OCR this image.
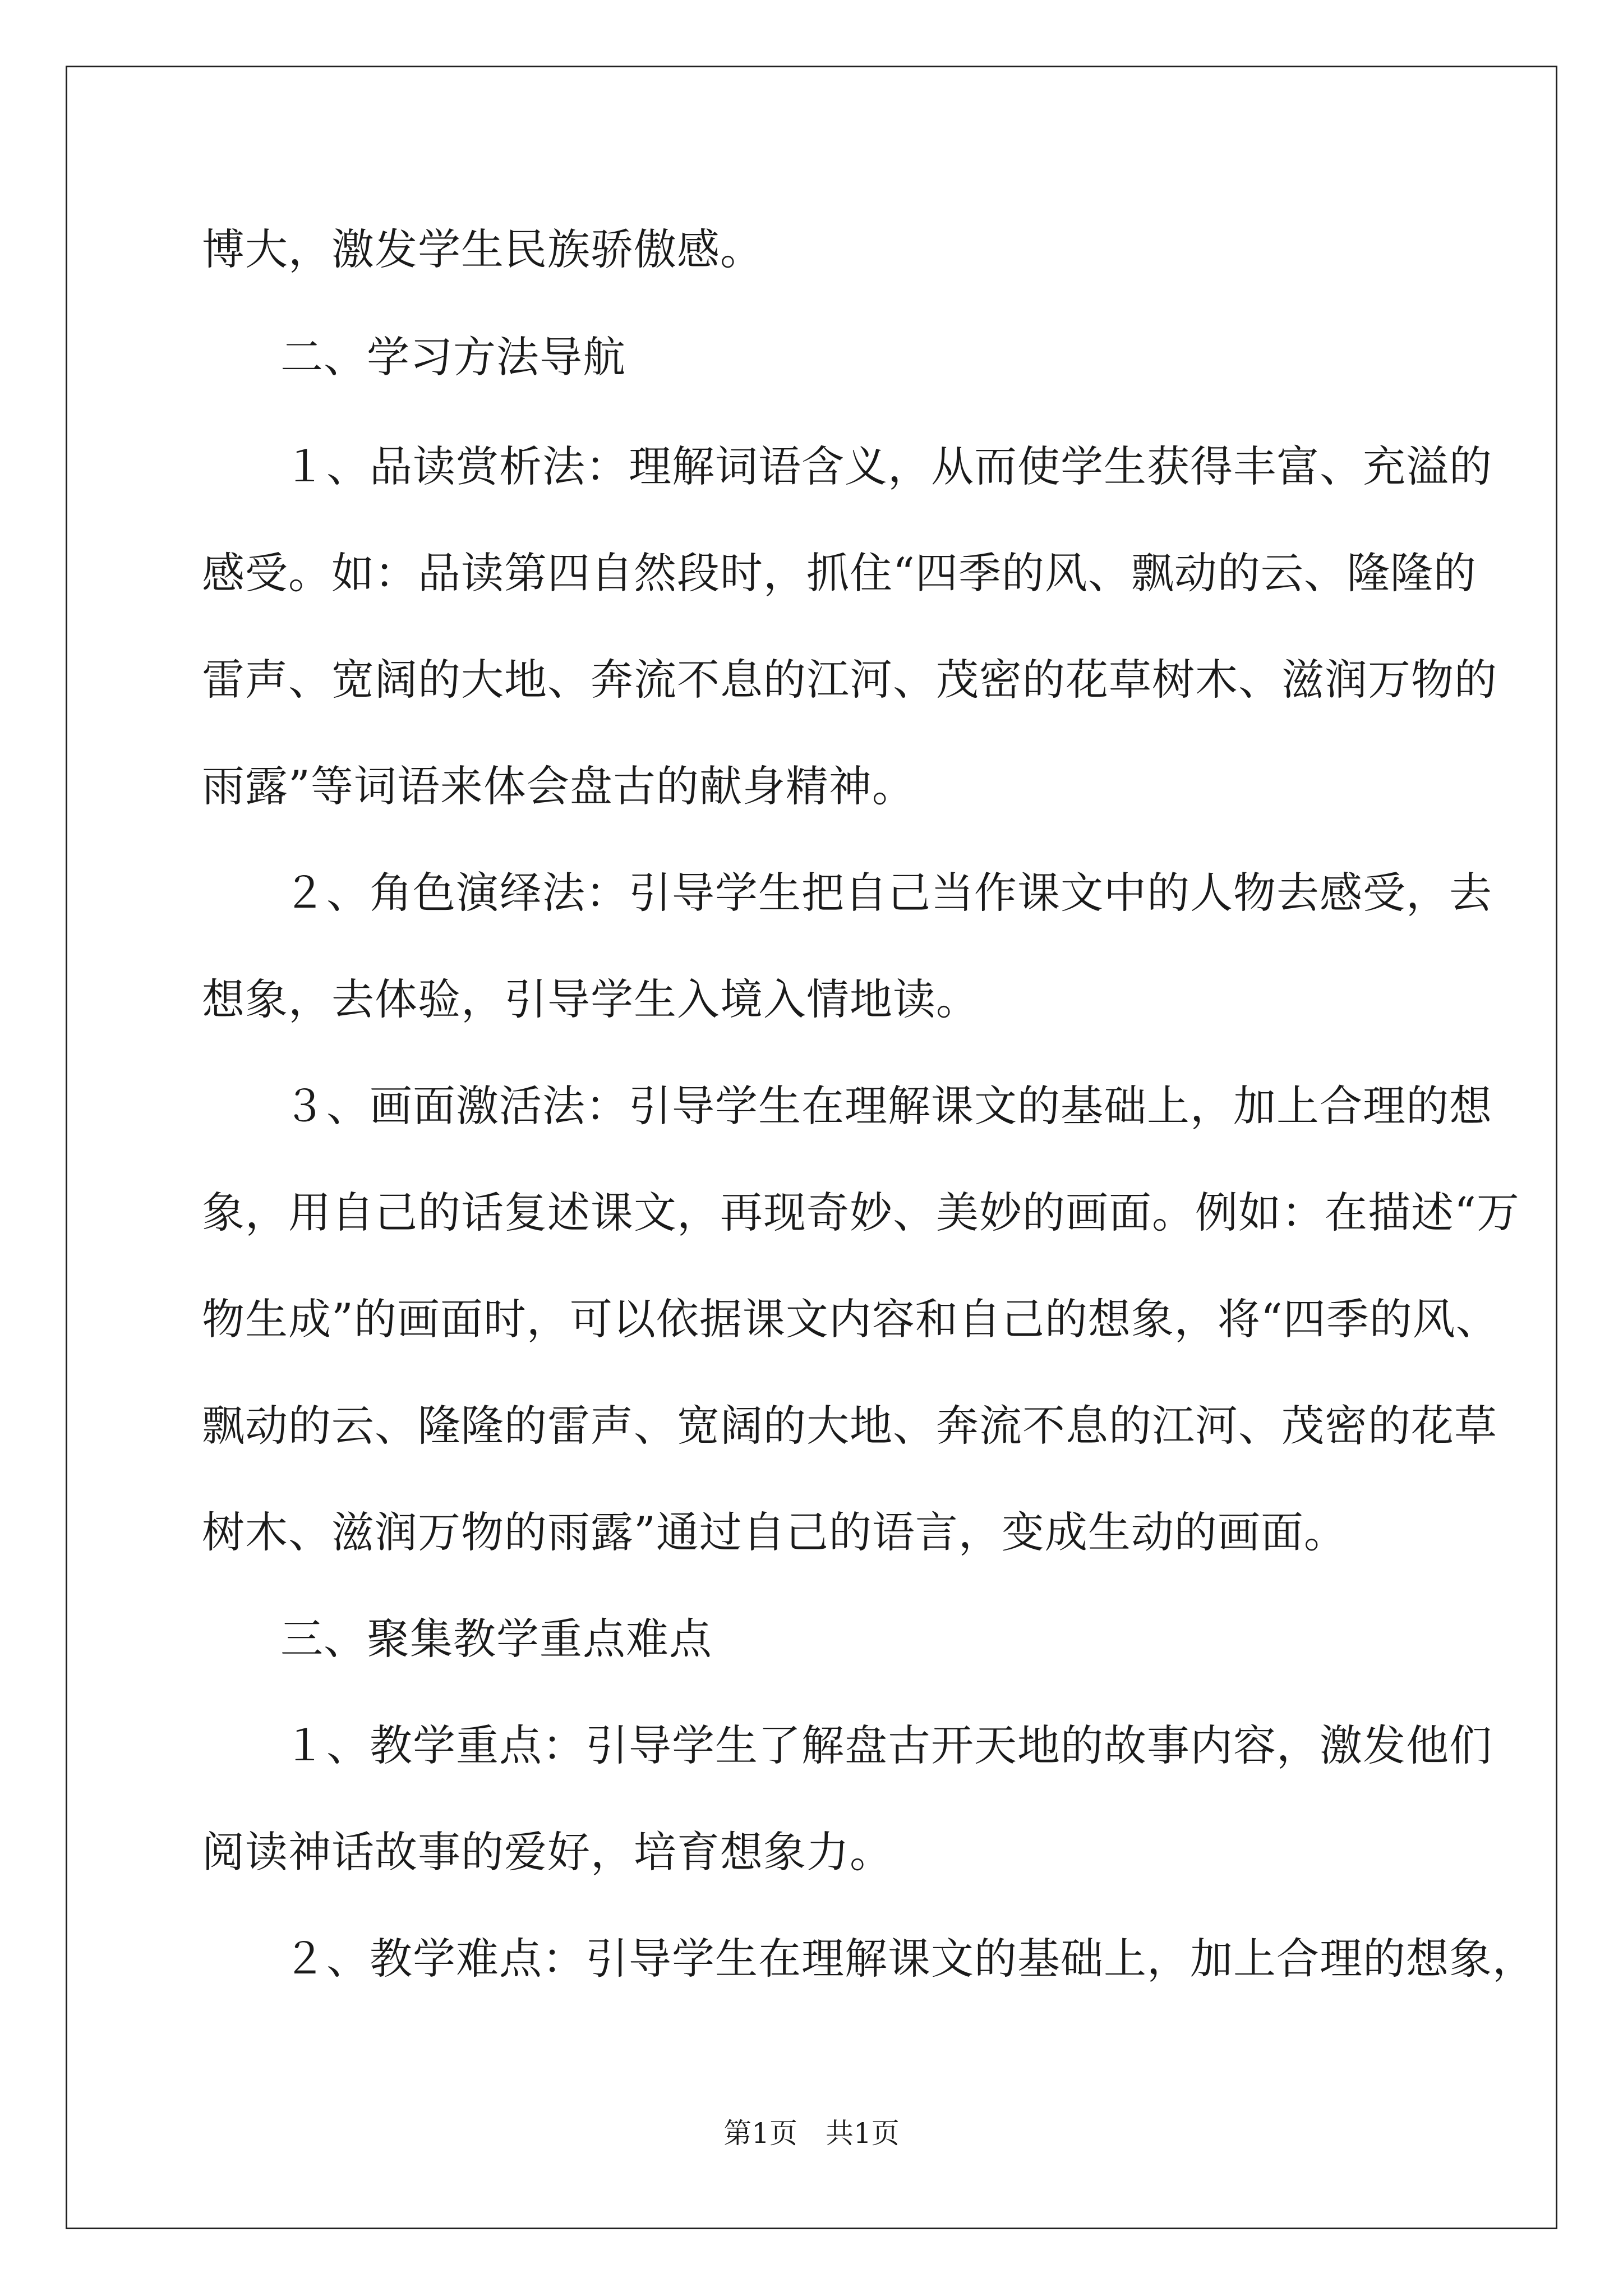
博大，激发学生民族骄傲感。
二、学习方法导航
１、品读赏析法：理解词语含义，从而使学生获得丰富、充溢的
感受。如：品读第四自然段时，抓住“四季的风、飘动的云、隆隆的
雷声、宽阔的大地、奔流不息的江河、茂密的花草树木、滋润万物的
雨露”等词语来体会盘古的献身精神。
２、角色演绎法：引导学生把自己当作课文中的人物去感受，去
想象，去体验，引导学生入境入情地读。
３、画面激活法：引导学生在理解课文的基础上，加上合理的想
象，用自己的话复述课文，再现奇妙、美妙的画面。例如：在描述“万
物生成”的画面时，可以依据课文内容和自己的想象，将“四季的风、
飘动的云、隆隆的雷声、宽阔的大地、奔流不息的江河、茂密的花草
树木、滋润万物的雨露”通过自己的语言，变成生动的画面。
三、聚集教学重点难点
１、教学重点：引导学生了解盘古开天地的故事内容，激发他们
阅读神话故事的爱好，培育想象力。
２、教学难点：引导学生在理解课文的基础上，加上合理的想象，
第1页　共1页
